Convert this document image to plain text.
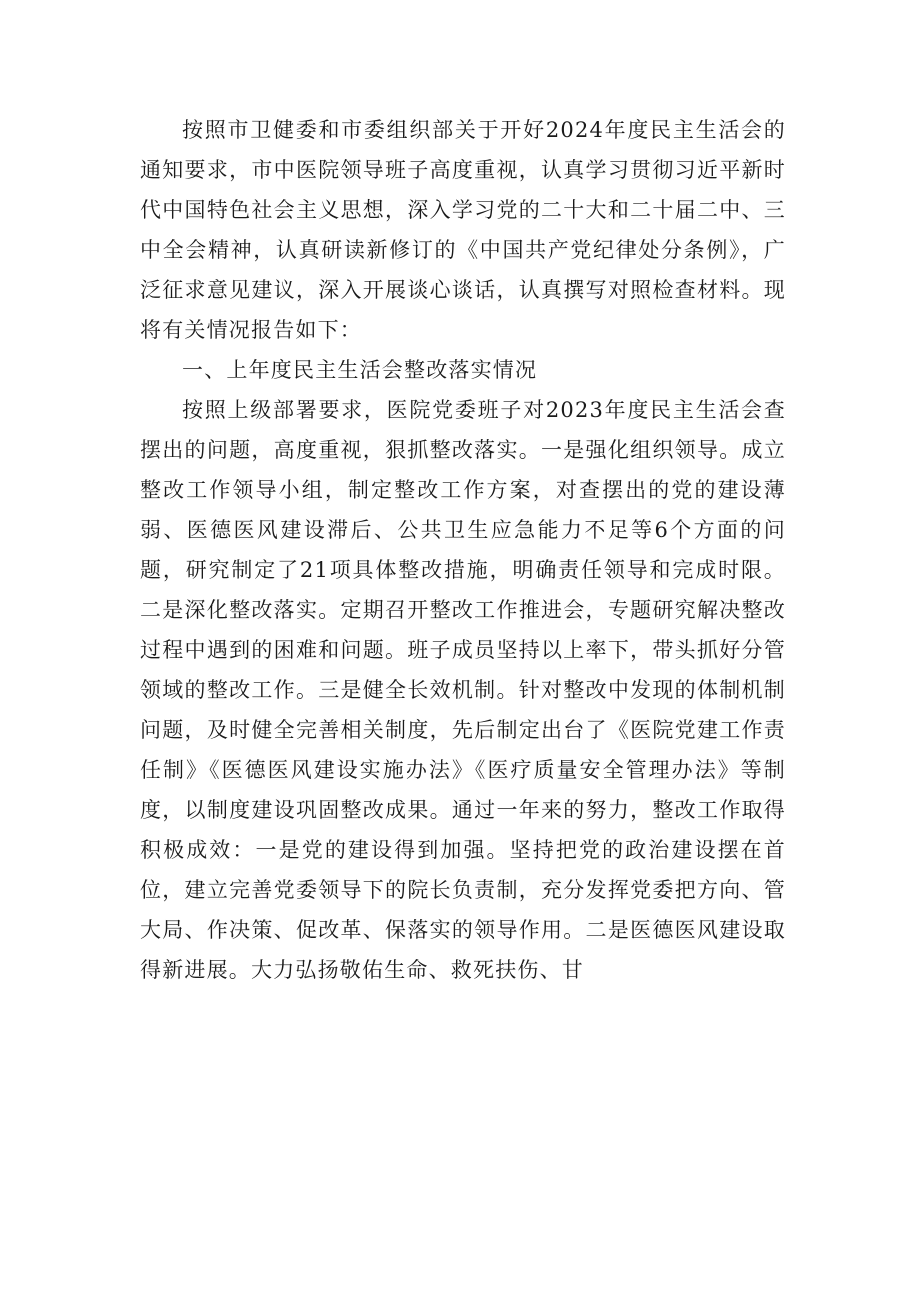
按照市卫健委和市委组织部关于开好2024年度民主生活会的通知要求，市中医院领导班子高度重视，认真学习贯彻习近平新时代中国特色社会主义思想，深入学习党的二十大和二十届二中、三中全会精神，认真研读新修订的《中国共产党纪律处分条例》，广泛征求意见建议，深入开展谈心谈话，认真撰写对照检查材料。现将有关情况报告如下：

一、上年度民主生活会整改落实情况

按照上级部署要求，医院党委班子对2023年度民主生活会查摆出的问题，高度重视，狠抓整改落实。一是强化组织领导。成立整改工作领导小组，制定整改工作方案，对查摆出的党的建设薄弱、医德医风建设滞后、公共卫生应急能力不足等6个方面的问题，研究制定了21项具体整改措施，明确责任领导和完成时限。二是深化整改落实。定期召开整改工作推进会，专题研究解决整改过程中遇到的困难和问题。班子成员坚持以上率下，带头抓好分管领域的整改工作。三是健全长效机制。针对整改中发现的体制机制问题，及时健全完善相关制度，先后制定出台了《医院党建工作责任制》《医德医风建设实施办法》《医疗质量安全管理办法》等制度，以制度建设巩固整改成果。通过一年来的努力，整改工作取得积极成效：一是党的建设得到加强。坚持把党的政治建设摆在首位，建立完善党委领导下的院长负责制，充分发挥党委把方向、管大局、作决策、促改革、保落实的领导作用。二是医德医风建设取得新进展。大力弘扬敬佑生命、救死扶伤、甘
